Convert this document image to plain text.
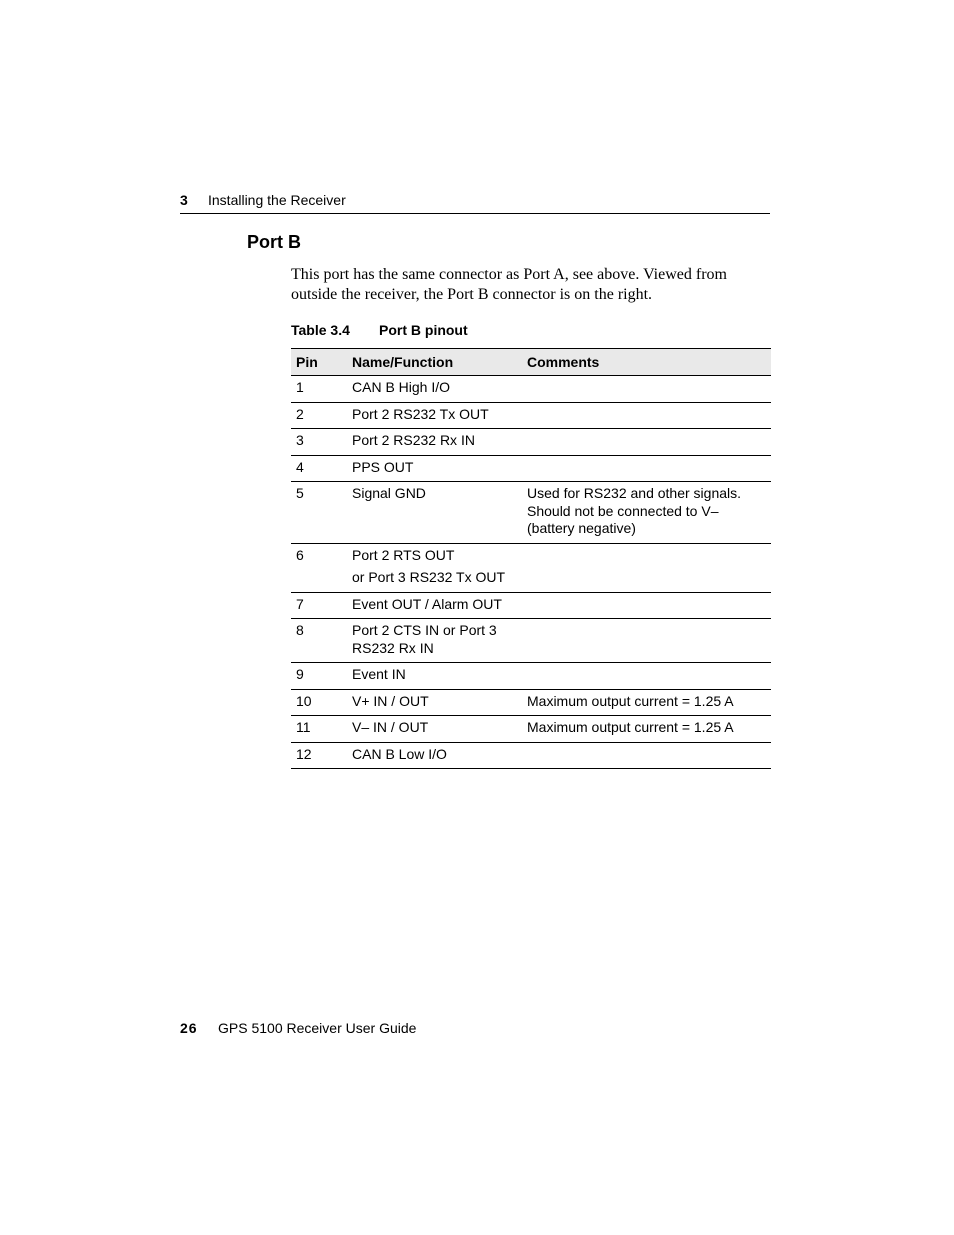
3 Installing the Receiver
Port B

This port has the same connector as Port A, see above. Viewed from outside the receiver, the Port B connector is on the right.

Table 3.4 Port B pinout
Pin	Name/Function	Comments
1	CAN B High I/O	
2	Port 2 RS232 Tx OUT	
3	Port 2 RS232 Rx IN	
4	PPS OUT	
5	Signal GND	Used for RS232 and other signals. Should not be connected to V– (battery negative)
6	Port 2 RTS OUT
or Port 3 RS232 Tx OUT	

7	Event OUT / Alarm OUT	
8	Port 2 CTS IN or Port 3 RS232 Rx IN	
9	Event IN	
10	V+ IN / OUT	Maximum output current = 1.25 A
11	V– IN / OUT	Maximum output current = 1.25 A
12	CAN B Low I/O	
26 GPS 5100 Receiver User Guide
